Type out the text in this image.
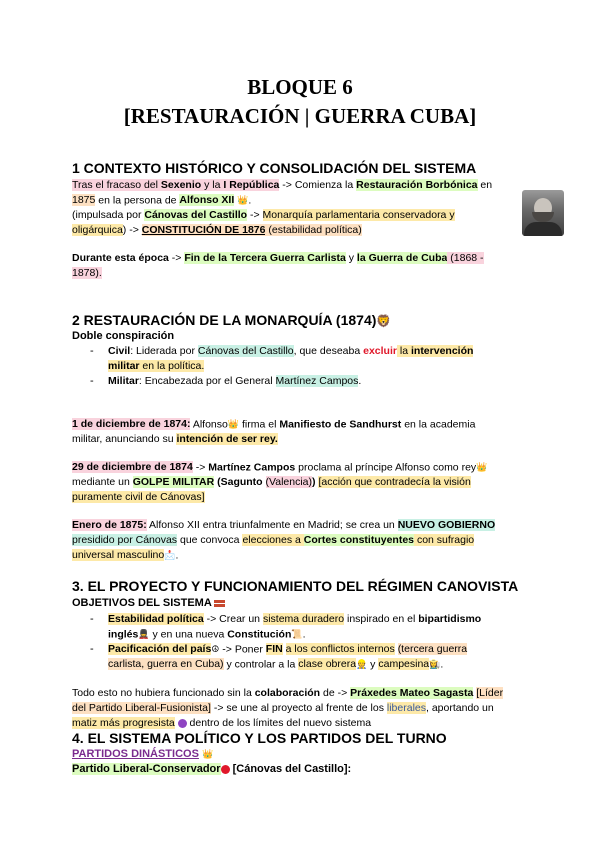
BLOQUE 6
[RESTAURACIÓN | GUERRA CUBA]
1 CONTEXTO HISTÓRICO Y CONSOLIDACIÓN DEL SISTEMA
Tras el fracaso del Sexenio y la I República -> Comienza la Restauración Borbónica en
1875 en la persona de Alfonso XII 👑.
(impulsada por Cánovas del Castillo -> Monarquía parlamentaria conservadora y
oligárquica) -> CONSTITUCIÓN DE 1876 (estabilidad política)
Durante esta época -> Fin de la Tercera Guerra Carlista y la Guerra de Cuba (1868 -
1878).
2 RESTAURACIÓN DE LA MONARQUÍA (1874)🦁
Doble conspiración
- Civil: Liderada por Cánovas del Castillo, que deseaba excluir la intervención
militar en la política.
- Militar: Encabezada por el General Martínez Campos.
1 de diciembre de 1874: Alfonso👑 firma el Manifiesto de Sandhurst en la academia
militar, anunciando su intención de ser rey.
29 de diciembre de 1874 -> Martínez Campos proclama al príncipe Alfonso como rey👑
mediante un GOLPE MILITAR (Sagunto (Valencia)) [acción que contradecía la visión
puramente civil de Cánovas]
Enero de 1875: Alfonso XII entra triunfalmente en Madrid; se crea un NUEVO GOBIERNO
presidido por Cánovas que convoca elecciones a Cortes constituyentes con sufragio
universal masculino📩.
3. EL PROYECTO Y FUNCIONAMIENTO DEL RÉGIMEN CANOVISTA
OBJETIVOS DEL SISTEMA
- Estabilidad política -> Crear un sistema duradero inspirado en el bipartidismo
inglés💂 y en una nueva Constitución📜.
- Pacificación del país☮ -> Poner FIN a los conflictos internos (tercera guerra
carlista, guerra en Cuba) y controlar a la clase obrera👷 y campesina👩‍🌾.
Todo esto no hubiera funcionado sin la colaboración de -> Práxedes Mateo Sagasta [Líder
del Partido Liberal-Fusionista] -> se une al proyecto al frente de los liberales, aportando un
matiz más progresista  dentro de los límites del nuevo sistema
4. EL SISTEMA POLÍTICO Y LOS PARTIDOS DEL TURNO
PARTIDOS DINÁSTICOS 👑
Partido Liberal-Conservador [Cánovas del Castillo]:
